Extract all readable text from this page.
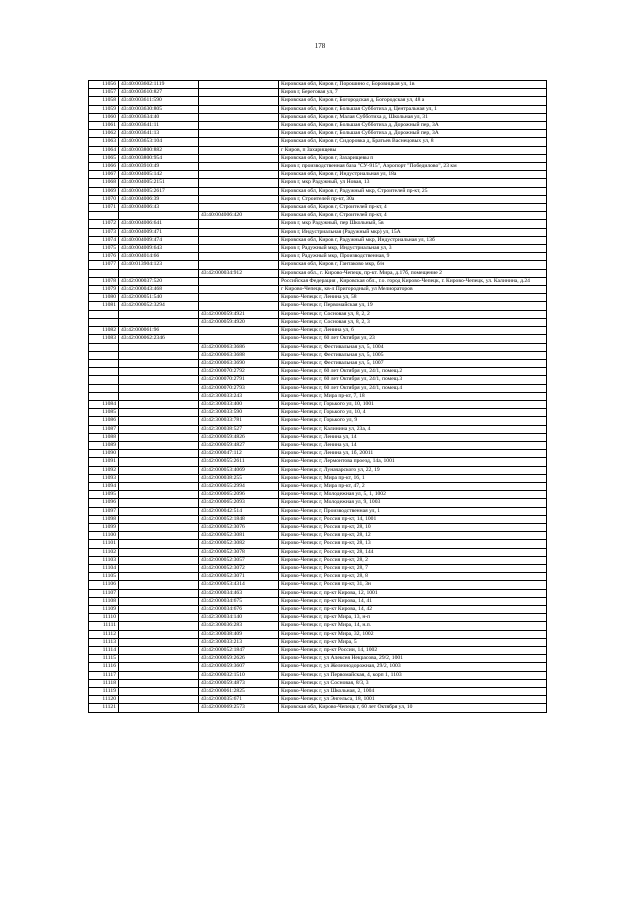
178
11056	43:40:003602:1119		Кировская обл, Киров г, Порошино с, Боровицкая ул, 1в
11057	43:40:003610:827		Киров г, Береговая ул, 7
11058	43:40:003611:590		Кировская обл, Киров г, Богородская д, Богородская ул, 48 а
11059	43:40:003630:805		Кировская обл, Киров г, Большая Субботиха д, Центральная ул, 1
11060	43:40:003634:40		Кировская обл, Киров г, Малая Субботиха д, Школьная ул, 31
11061	43:40:003641:11		Кировская обл, Киров г, Большая Субботиха д, Дорожный пер, 3А
11062	43:40:003641:13		Кировская обл, Киров г, Большая Субботиха д, Дорожный пер, 3А
11063	43:40:003653:104		Кировская обл, Киров г, Сидоровка д, Братьев Васнецовых ул, 8
11064	43:40:003800:882		г Киров, п Захарищевы
11065	43:40:003800:954		Кировская обл, Киров г, Захарищевы п
11066	43:40:003910:49		Киров г, производственная база "СУ-915", Аэропорт "Победилово", 23 км
11067	43:40:004005:142		Кировская обл, Киров г, Индустриальная ул, 18а
11068	43:40:004005:2151		Киров г, мкр Радужный, ул Новая, 13
11069	43:40:004005:2617		Кировская обл, Киров г, Радужный мкр, Строителей пр-кт, 25
11070	43:40:004006:39		Киров г, Строителей пр-кт, 30а
11071	43:40:004006:43		Кировская обл, Киров г, Строителей пр-кт, 4
		43:40:004006:420	Кировская обл, Киров г, Строителей пр-кт, 4
11072	43:40:004006:641		Киров г, мкр Радужный, пер Школьный, 5в
11073	43:40:004009:471		Киров г, Индустриальная (Радужный мкр) ул, 15А
11074	43:40:004009:474		Кировская обл, Киров г, Радужный мкр, Индустриальная ул, 13б
11075	43:40:004009:643		Киров г, Радужный мкр, Индустриальная ул, 3
11076	43:40:004014:66		Киров г, Радужный мкр, Производственная, 9
11077	43:40:013904:123		Кировская обл, Киров г, Гантаково мкр, б/н
		43:42:000034:912	Кировская обл., г. Кирово-Чепецк, пр-кт. Мира, д.17б, помещение 2
11078	43:42:000037:520		Российская Федерация , Кировская обл., г.о. город Кирово-Чепецк, г. Кирово-Чепецк, ул. Калинина, д.24
11079	43:42:000043:468		г Кирово-Чепецк, кв-л Пригородный, ул Мелиораторов
11080	43:42:000051:540		Кирово-Чепецк г, Ленина ул, 58
11081	43:42:000052:3294		Кирово-Чепецк г, Первомайская ул, 19
		43:42:000059:4921	Кирово-Чепецк г, Сосновая ул, 8, 2, 2
		43:42:000059:4920	Кирово-Чепецк г, Сосновая ул, 8, 2, 3
11082	43:42:000061:96		Кирово-Чепецк г, Ленина ул, 6
11083	43:42:000062:2346		Кирово-Чепецк г, 60 лет Октября ул, 23
		43:42:000063:3686	Кирово-Чепецк г, Фестивальная ул, 5, 1004
		43:42:000063:3688	Кирово-Чепецк г, Фестивальная ул, 5, 1005
		43:42:000063:3690	Кирово-Чепецк г, Фестивальная ул, 5, 1007
		43:42:000070:2792	Кирово-Чепецк г, 60 лет Октября ул, 24/1, помещ.2
		43:42:000070:2791	Кирово-Чепецк г, 60 лет Октября ул, 24/1, помещ.3
		43:42:000070:2793	Кирово-Чепецк г, 60 лет Октября ул, 24/1, помещ.4
		43:42:300033:243	Кирово-Чепецк г, Мира пр-кт, 7, 18
11084		43:42:300033:400	Кирово-Чепецк г, Горького ул, 10, 1001
11085		43:42:300033:590	Кирово-Чепецк г, Горького ул, 10, 4
11086		43:42:300033:781	Кирово-Чепецк г, Горького ул, 9
11087		43:42:300038:527	Кирово-Чепецк г, Калинина ул, 23а, 4
11088		43:42:000059:4826	Кирово-Чепецк г, Ленина ул, 14
11089		43:42:000059:4827	Кирово-Чепецк г, Ленина ул, 14
11090		43:42:000047:112	Кирово-Чепецк г, Ленина ул, 1б, 20011
11091		43:42:000055:2611	Кирово-Чепецк г, Лермонтова проезд, 14а, 1001
11092		43:42:000053:4069	Кирово-Чепецк г, Луначарского ул, 22, 19
11093		43:42:000038:255	Кирово-Чепецк г, Мира пр-кт, 16, 1
11094		43:42:000055:2994	Кирово-Чепецк г, Мира пр-кт, 47, 2
11095		43:42:000065:2096	Кирово-Чепецк г, Молодежная ул, 5, 1, 1002
11096		43:42:000065:2093	Кирово-Чепецк г, Молодежная ул, 9, 1003
11097		43:42:000042:514	Кирово-Чепецк г, Производственная ул, 1
11098		43:42:000052:1848	Кирово-Чепецк г, Россия пр-кт, 14, 1001
11099		43:42:000052:3076	Кирово-Чепецк г, Россия пр-кт, 28, 10
11100		43:42:000052:3081	Кирово-Чепецк г, Россия пр-кт, 28, 12
11101		43:42:000052:3082	Кирово-Чепецк г, Россия пр-кт, 28, 13
11102		43:42:000052:3078	Кирово-Чепецк г, Россия пр-кт, 28, 144
11103		43:42:000052:3057	Кирово-Чепецк г, Россия пр-кт, 28, 2
11104		43:42:000052:3072	Кирово-Чепецк г, Россия пр-кт, 28, 7
11105		43:42:000052:3071	Кирово-Чепецк г, Россия пр-кт, 28, 8
11106		43:42:000053:4314	Кирово-Чепецк г, Россия пр-кт, 31, 3н
11107		43:42:000034:463	Кирово-Чепецк г, пр-кт Кирова, 12, 1001
11108		43:42:000034:675	Кирово-Чепецк г, пр-кт Кирова, 14, 41
11109		43:42:000034:676	Кирово-Чепецк г, пр-кт Кирова, 14, 42
11110		43:42:300034:140	Кирово-Чепецк г, пр-кт Мира, 13, н-п
11111		43:42:300036:283	Кирово-Чепецк г, пр-кт Мира, 14, н.п.
11112		43:42:300038:409	Кирово-Чепецк г, пр-кт Мира, 32, 1002
11113		43:42:300033:213	Кирово-Чепецк г, пр-кт Мира, 5
11114		43:42:000052:1847	Кирово-Чепецк г, пр-кт России, 14, 1002
11115		43:42:000059:2626	Кирово-Чепецк г, ул Алексея Некрасова, 29/2, 1001
11116		43:42:000059:3607	Кирово-Чепецк г, ул Железнодорожная, 29/2, 1003
11117		43:42:000032:1510	Кирово-Чепецк г, ул Первомайская, 4, корп 1, 1103
11118		43:42:000059:4873	Кирово-Чепецк г, ул Сосновая, 8/3, 3
11119		43:42:000061:2825	Кирово-Чепецк г, ул Школьная, 2, 1004
11120		43:42:000035:671	Кирово-Чепецк г, ул Энгельса, 18, 1001
11121		43:42:000069:2573	Кировская обл, Кирово-Чепецк г, 60 лет Октября ул, 10
